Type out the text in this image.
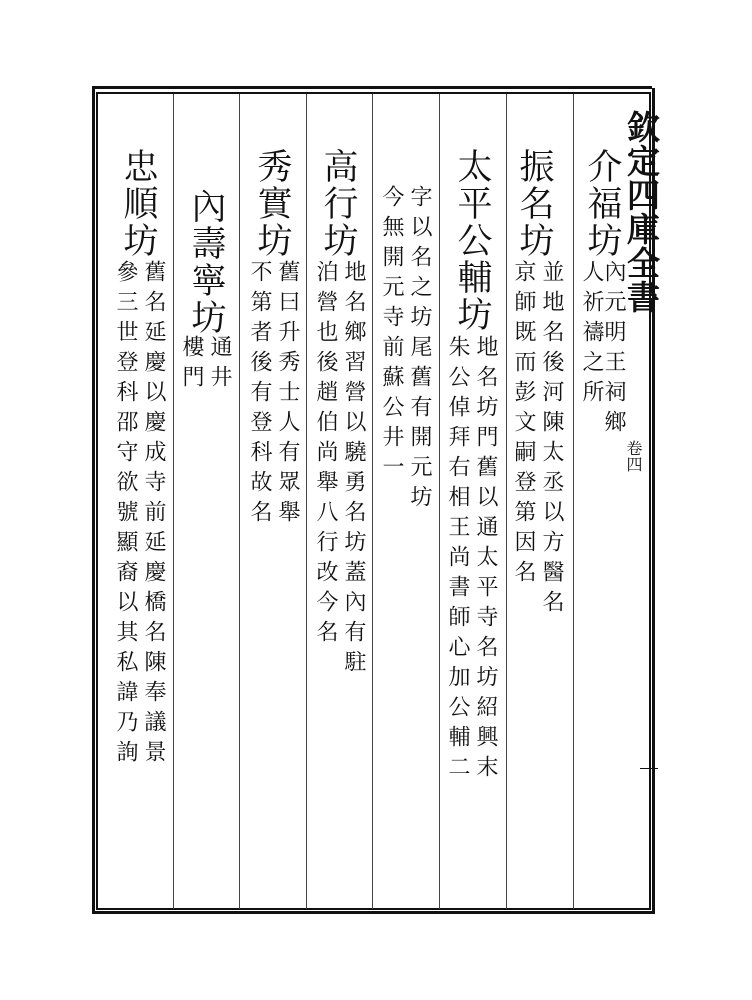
欽定四庫全書
卷四
介福坊
內元明王祠鄉
人祈禱之所
振名坊
並地名後河陳太丞以方醫名
京師既而彭文嗣登第因名
太平公輔坊
地名坊門舊以通太平寺名坊紹興末
朱公倬拜右相王尚書師心加公輔二
字以名之坊尾舊有開元坊
今無開元寺前蘇公井一
高行坊
地名鄉習營以驍勇名坊蓋內有駐
泊營也後趙伯尚舉八行改今名
秀實坊
舊曰升秀士人有眾舉
不第者後有登科故名
內壽寧坊
通井
樓門
忠順坊
舊名延慶以慶成寺前延慶橋名陳奉議景
參三世登科邵守欲號顯裔以其私諱乃詢
